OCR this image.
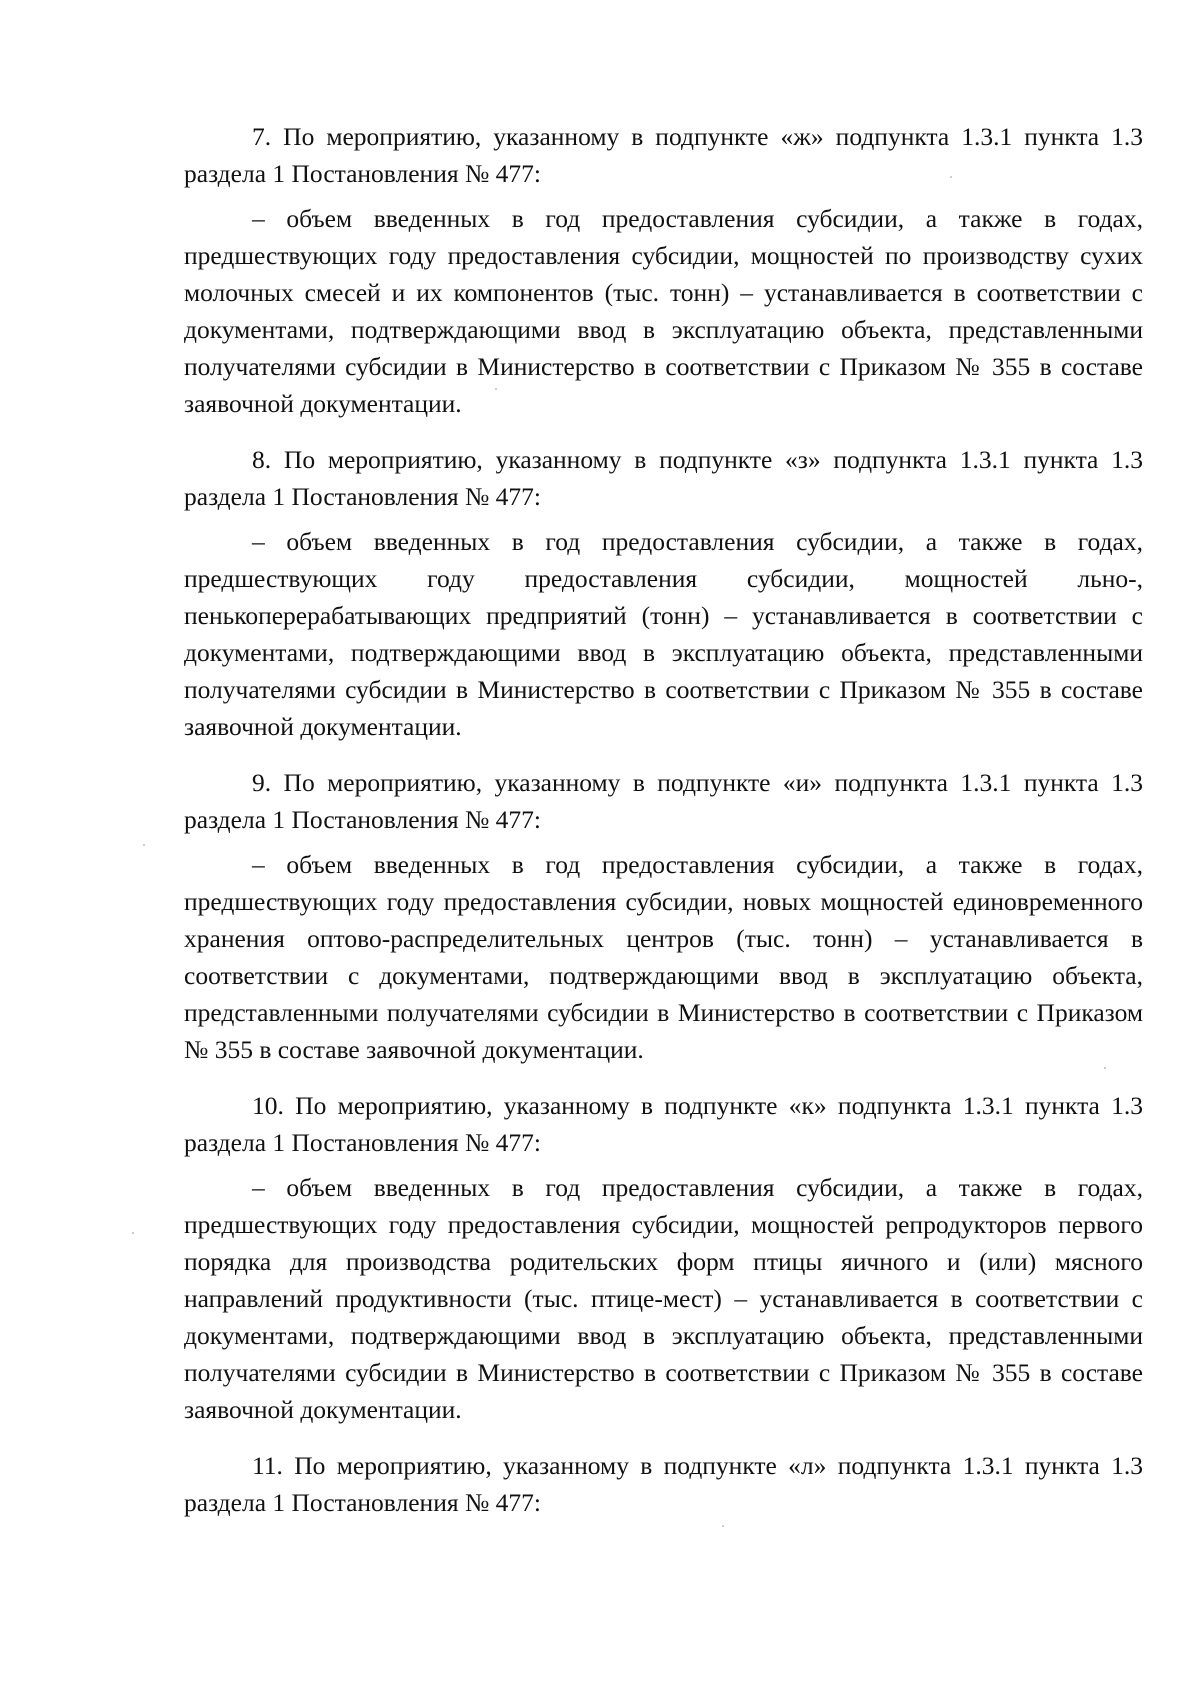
7. По мероприятию, указанному в подпункте «ж» подпункта 1.3.1 пункта 1.3 раздела 1 Постановления № 477:

– объем введенных в год предоставления субсидии, а также в годах, предшествующих году предоставления субсидии, мощностей по производству сухих молочных смесей и их компонентов (тыс. тонн) – устанавливается в соответствии с документами, подтверждающими ввод в эксплуатацию объекта, представленными получателями субсидии в Министерство в соответствии с Приказом № 355 в составе заявочной документации.

8. По мероприятию, указанному в подпункте «з» подпункта 1.3.1 пункта 1.3 раздела 1 Постановления № 477:

– объем введенных в год предоставления субсидии, а также в годах, предшествующих году предоставления субсидии, мощностей льно-, пенькоперерабатывающих предприятий (тонн) – устанавливается в соответствии с документами, подтверждающими ввод в эксплуатацию объекта, представленными получателями субсидии в Министерство в соответствии с Приказом № 355 в составе заявочной документации.

9. По мероприятию, указанному в подпункте «и» подпункта 1.3.1 пункта 1.3 раздела 1 Постановления № 477:

– объем введенных в год предоставления субсидии, а также в годах, предшествующих году предоставления субсидии, новых мощностей единовременного хранения оптово-распределительных центров (тыс. тонн) – устанавливается в соответствии с документами, подтверждающими ввод в эксплуатацию объекта, представленными получателями субсидии в Министерство в соответствии с Приказом № 355 в составе заявочной документации.

10. По мероприятию, указанному в подпункте «к» подпункта 1.3.1 пункта 1.3 раздела 1 Постановления № 477:

– объем введенных в год предоставления субсидии, а также в годах, предшествующих году предоставления субсидии, мощностей репродукторов первого порядка для производства родительских форм птицы яичного и (или) мясного направлений продуктивности (тыс. птице-мест) – устанавливается в соответствии с документами, подтверждающими ввод в эксплуатацию объекта, представленными получателями субсидии в Министерство в соответствии с Приказом № 355 в составе заявочной документации.

11. По мероприятию, указанному в подпункте «л» подпункта 1.3.1 пункта 1.3 раздела 1 Постановления № 477:
